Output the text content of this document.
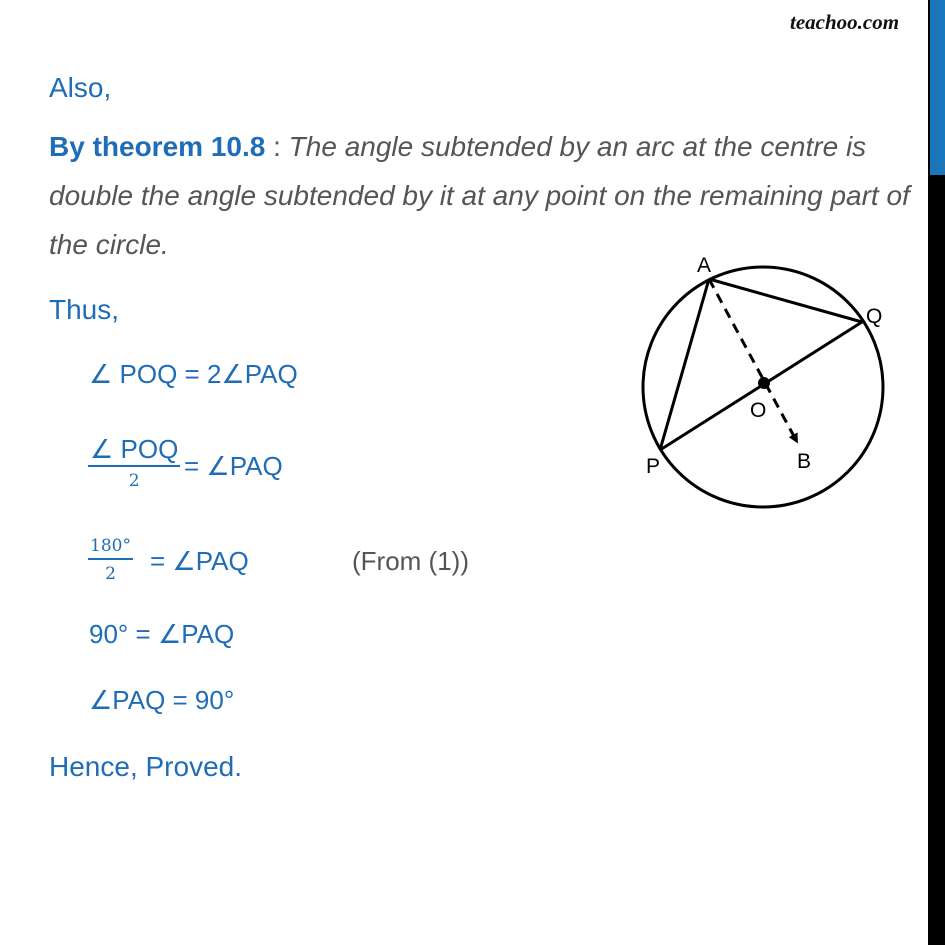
teachoo.com
Also,
By theorem 10.8 : The angle subtended by an arc at the centre is double the angle subtended by it at any point on the remaining part of the circle.
Thus,
∠ POQ = 2∠PAQ
∠ POQ
2	= ∠PAQ
$\frac{180^\circ}{2}$ = ∠PAQ	(From (1))
90° = ∠PAQ
∠PAQ = 90°
Hence, Proved.
A
Q
O
P	B
